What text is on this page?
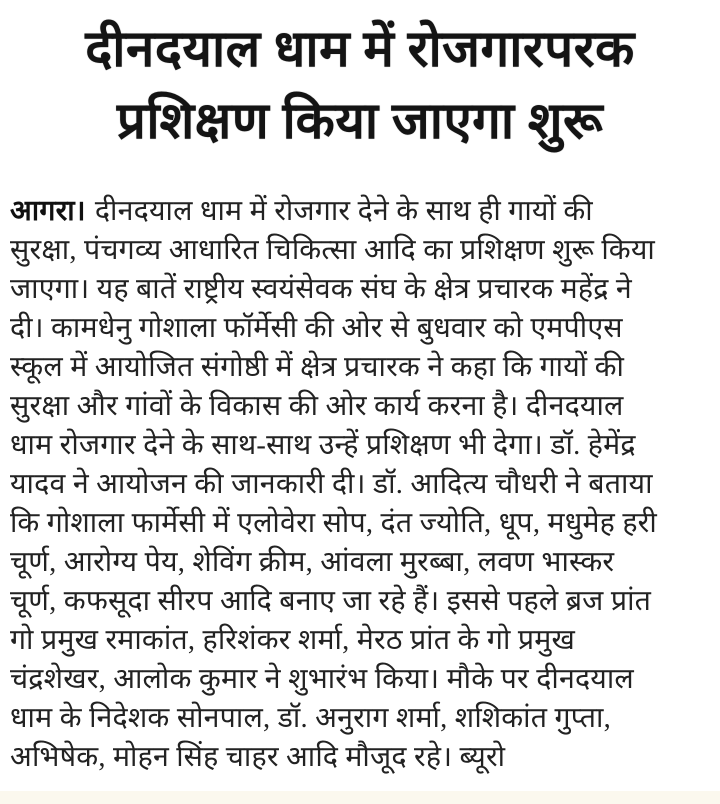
दीनदयाल धाम में रोजगारपरक
प्रशिक्षण किया जाएगा शुरू
आगरा। दीनदयाल धाम में रोजगार देने के साथ ही गायों की
सुरक्षा, पंचगव्य आधारित चिकित्सा आदि का प्रशिक्षण शुरू किया
जाएगा। यह बातें राष्ट्रीय स्वयंसेवक संघ के क्षेत्र प्रचारक महेंद्र ने
दी। कामधेनु गोशाला फॉर्मेसी की ओर से बुधवार को एमपीएस
स्कूल में आयोजित संगोष्ठी में क्षेत्र प्रचारक ने कहा कि गायों की
सुरक्षा और गांवों के विकास की ओर कार्य करना है। दीनदयाल
धाम रोजगार देने के साथ-साथ उन्हें प्रशिक्षण भी देगा। डॉ. हेमेंद्र
यादव ने आयोजन की जानकारी दी। डॉ. आदित्य चौधरी ने बताया
कि गोशाला फार्मेसी में एलोवेरा सोप, दंत ज्योति, धूप, मधुमेह हरी
चूर्ण, आरोग्य पेय, शेविंग क्रीम, आंवला मुरब्बा, लवण भास्कर
चूर्ण, कफसूदा सीरप आदि बनाए जा रहे हैं। इससे पहले ब्रज प्रांत
गो प्रमुख रमाकांत, हरिशंकर शर्मा, मेरठ प्रांत के गो प्रमुख
चंद्रशेखर, आलोक कुमार ने शुभारंभ किया। मौके पर दीनदयाल
धाम के निदेशक सोनपाल, डॉ. अनुराग शर्मा, शशिकांत गुप्ता,
अभिषेक, मोहन सिंह चाहर आदि मौजूद रहे। ब्यूरो
